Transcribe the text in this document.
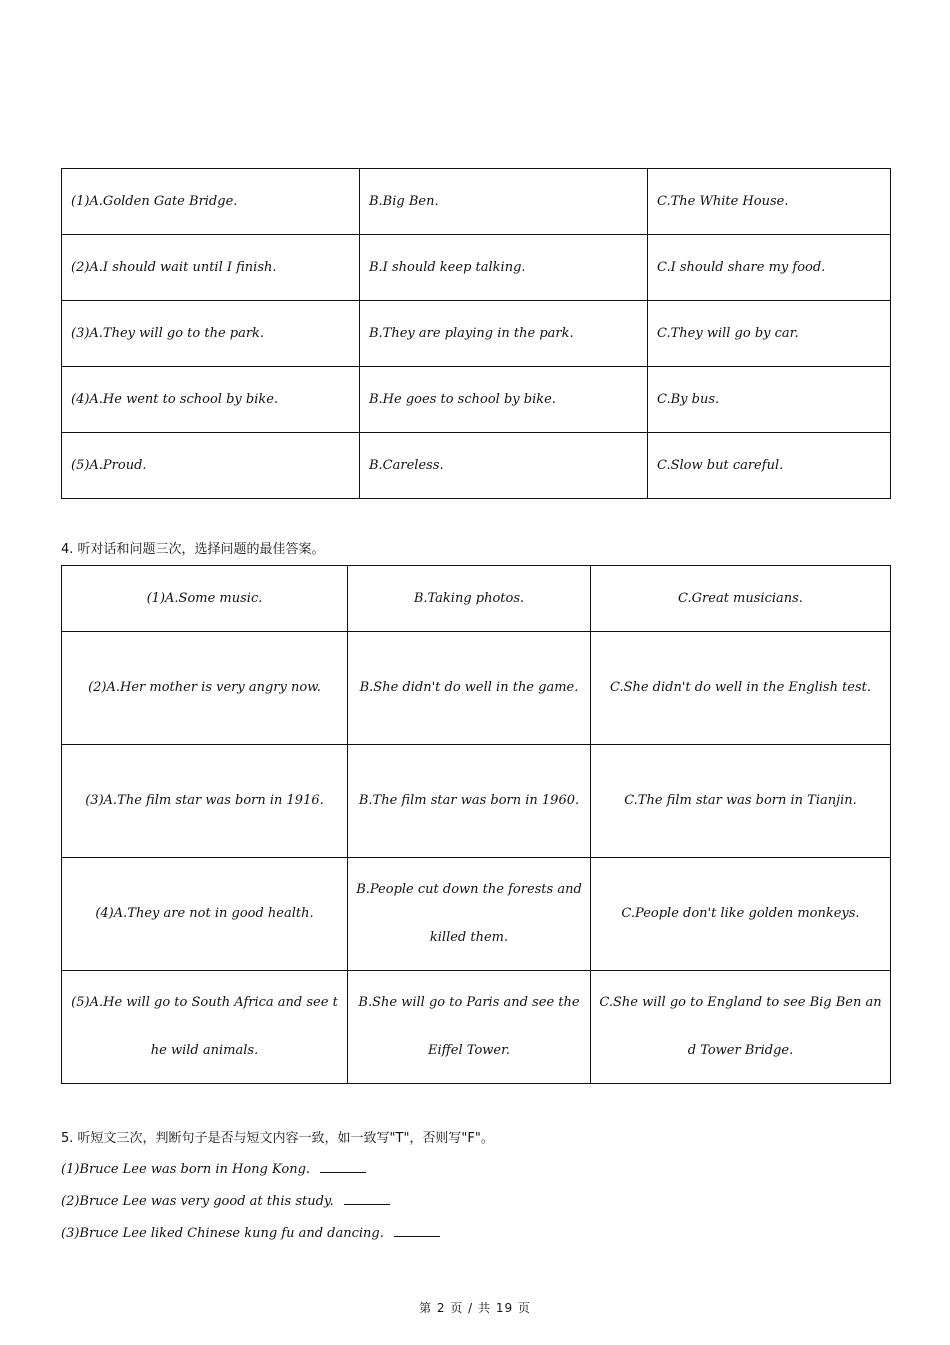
(1)A.Golden Gate Bridge.	B.Big Ben.	C.The White House.
(2)A.I should wait until I finish.	B.I should keep talking.	C.I should share my food.
(3)A.They will go to the park.	B.They are playing in the park.	C.They will go by car.
(4)A.He went to school by bike.	B.He goes to school by bike.	C.By bus.
(5)A.Proud.	B.Careless.	C.Slow but careful.
4. 听对话和问题三次，选择问题的最佳答案。
(1)A.Some music.	B.Taking photos.	C.Great musicians.

(2)A.Her mother is very angry now.	B.She didn't do well in the game.	C.She didn't do well in the English test.

(3)A.The film star was born in 1916.	B.The film star was born in 1960.	C.The film star was born in Tianjin.

(4)A.They are not in good health.	B.People cut down the forests and killed them.	C.People don't like golden monkeys.

(5)A.He will go to South Africa and see the wild animals.	B.She will go to Paris and see the Eiffel Tower.	C.She will go to England to see Big Ben and Tower Bridge.
5. 听短文三次，判断句子是否与短文内容一致，如一致写"T"，否则写"F"。
(1)Bruce Lee was born in Hong Kong.
(2)Bruce Lee was very good at this study.
(3)Bruce Lee liked Chinese kung fu and dancing.
第 2 页 / 共 19 页
